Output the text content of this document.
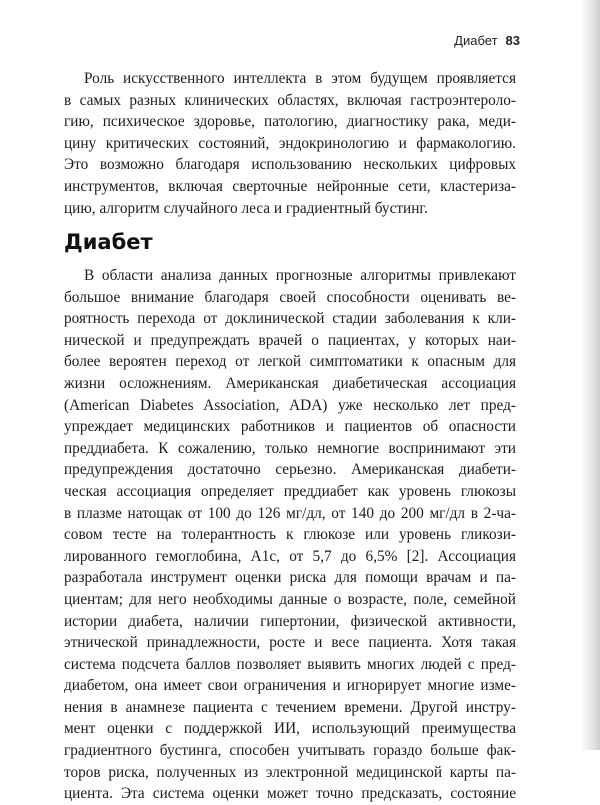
Диабет 83
Роль искусственного интеллекта в этом будущем проявляется
в самых разных клинических областях, включая гастроэнтероло-
гию, психическое здоровье, патологию, диагностику рака, меди-
цину критических состояний, эндокринологию и фармакологию.
Это возможно благодаря использованию нескольких цифровых
инструментов, включая сверточные нейронные сети, кластериза-
цию, алгоритм случайного леса и градиентный бустинг.
Диабет
В области анализа данных прогнозные алгоритмы привлекают
большое внимание благодаря своей способности оценивать ве-
роятность перехода от доклинической стадии заболевания к кли-
нической и предупреждать врачей о пациентах, у которых наи-
более вероятен переход от легкой симптоматики к опасным для
жизни осложнениям. Американская диабетическая ассоциация
(American Diabetes Association, ADA) уже несколько лет пред-
упреждает медицинских работников и пациентов об опасности
преддиабета. К сожалению, только немногие воспринимают эти
предупреждения достаточно серьезно. Американская диабети-
ческая ассоциация определяет преддиабет как уровень глюкозы
в плазме натощак от 100 до 126 мг/дл, от 140 до 200 мг/дл в 2-ча-
совом тесте на толерантность к глюкозе или уровень гликози-
лированного гемоглобина, A1c, от 5,7 до 6,5% [2]. Ассоциация
разработала инструмент оценки риска для помощи врачам и па-
циентам; для него необходимы данные о возрасте, поле, семейной
истории диабета, наличии гипертонии, физической активности,
этнической принадлежности, росте и весе пациента. Хотя такая
система подсчета баллов позволяет выявить многих людей с пред-
диабетом, она имеет свои ограничения и игнорирует многие изме-
нения в анамнезе пациента с течением времени. Другой инстру-
мент оценки с поддержкой ИИ, использующий преимущества
градиентного бустинга, способен учитывать гораздо больше фак-
торов риска, полученных из электронной медицинской карты па-
циента. Эта система оценки может точно предсказать, состояние
